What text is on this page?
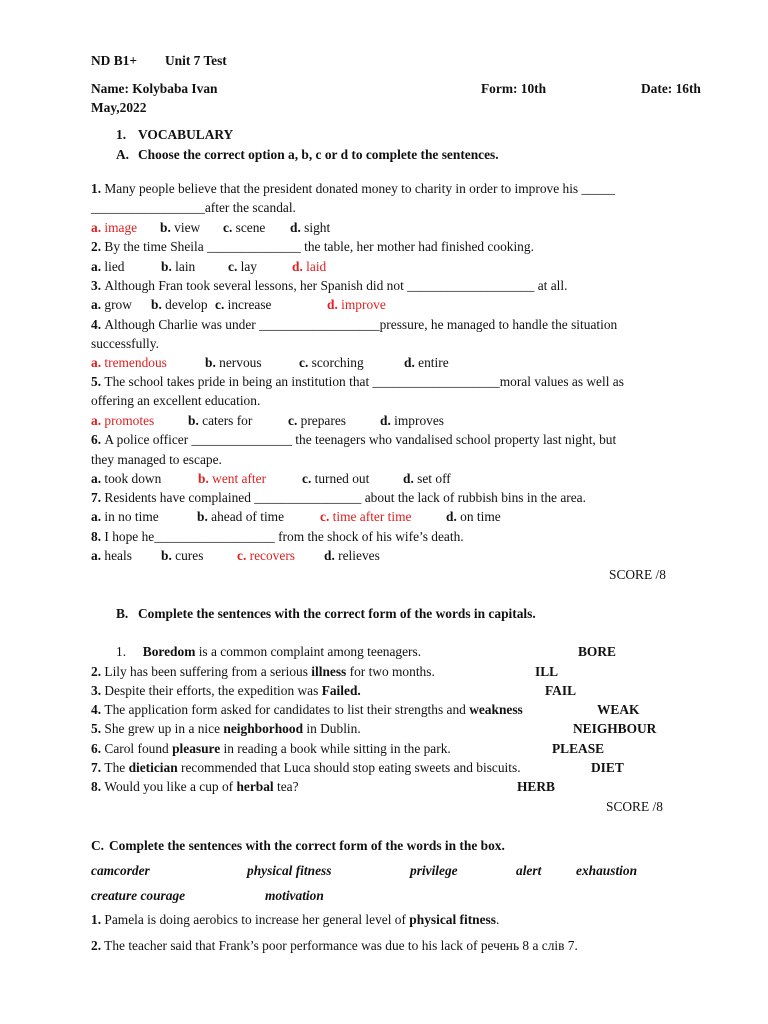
ND B1+ Unit 7 Test
Name: Kolybaba Ivan	Form: 10th	Date: 16th
May,2022
1. VOCABULARY
A. Choose the correct option a, b, c or d to complete the sentences.
1. Many people believe that the president donated money to charity in order to improve his _____
_________________after the scandal.
a. image b. view c. scene d. sight
2. By the time Sheila ______________ the table, her mother had finished cooking.
a. lied	b. lain c. lay	d. laid
3. Although Fran took several lessons, her Spanish did not ___________________ at all.
a. grow b. develop c. increase	d. improve
4. Although Charlie was under __________________pressure, he managed to handle the situation
successfully.
a. tremendous	b. nervous	c. scorching	d. entire
5. The school takes pride in being an institution that ___________________moral values as well as
offering an excellent education.
a. promotes	b. caters for	c. prepares	d. improves
6. A police officer _______________ the teenagers who vandalised school property last night, but
they managed to escape.
a. took down	b. went after	c. turned out	d. set off
7. Residents have complained ________________ about the lack of rubbish bins in the area.
a. in no time	b. ahead of time	c. time after time	d. on time
8. I hope he__________________ from the shock of his wife’s death.
a. heals b. cures	c. recovers d. relieves
SCORE /8
B. Complete the sentences with the correct form of the words in capitals.
1.     Boredom is a common complaint among teenagers.	BORE
2. Lily has been suffering from a serious illness for two months.	ILL
3. Despite their efforts, the expedition was Failed.	FAIL
4. The application form asked for candidates to list their strengths and weakness	WEAK
5. She grew up in a nice neighborhood in Dublin.	NEIGHBOUR
6. Carol found pleasure in reading a book while sitting in the park.	PLEASE
7. The dietician recommended that Luca should stop eating sweets and biscuits.	DIET
8. Would you like a cup of herbal tea?	HERB
SCORE /8
C. Complete the sentences with the correct form of the words in the box.
camcorder	physical fitness	privilege	alert	exhaustion
creature courage	motivation
1. Pamela is doing aerobics to increase her general level of physical fitness.
2. The teacher said that Frank’s poor performance was due to his lack of речень 8 а слів 7.
